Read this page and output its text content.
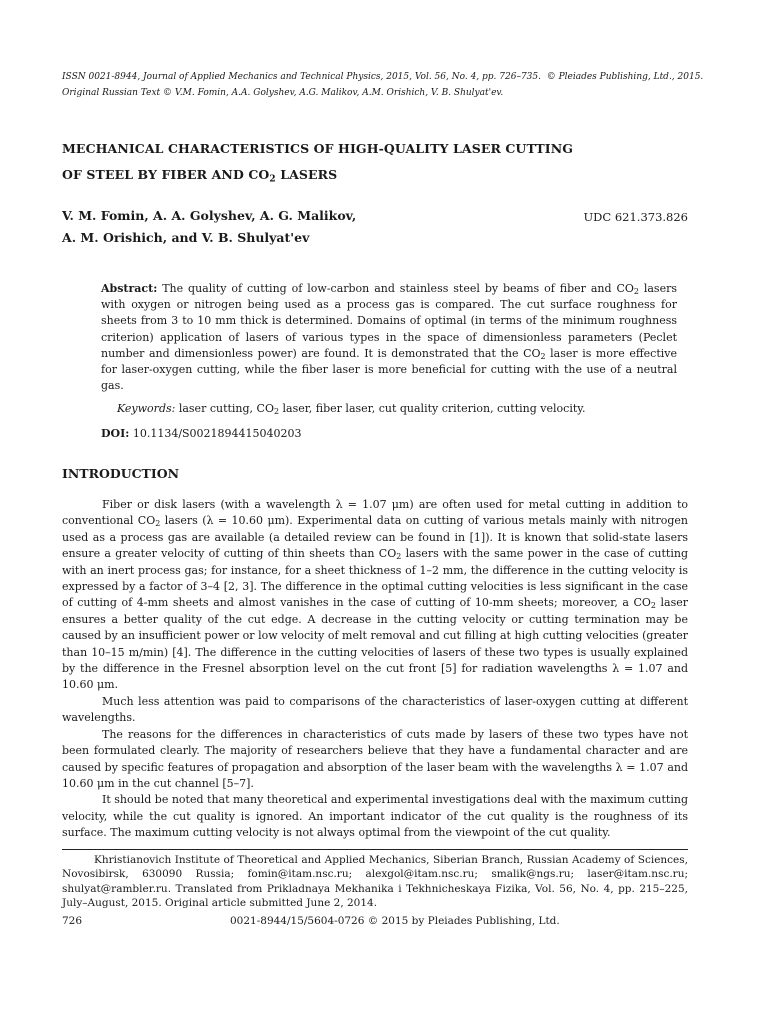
ISSN 0021-8944, Journal of Applied Mechanics and Technical Physics, 2015, Vol. 56, No. 4, pp. 726–735. © Pleiades Publishing, Ltd., 2015.
Original Russian Text © V.M. Fomin, A.A. Golyshev, A.G. Malikov, A.M. Orishich, V. B. Shulyat'ev.
MECHANICAL CHARACTERISTICS OF HIGH-QUALITY LASER CUTTING
OF STEEL BY FIBER AND $CO_2$ LASERS
V. M. Fomin, A. A. Golyshev, A. G. Malikov,
A. M. Orishich, and V. B. Shulyat'ev
UDC 621.373.826
Abstract: The quality of cutting of low-carbon and stainless steel by beams of fiber and $CO_2$ lasers with oxygen or nitrogen being used as a process gas is compared. The cut surface roughness for sheets from 3 to 10 mm thick is determined. Domains of optimal (in terms of the minimum roughness criterion) application of lasers of various types in the space of dimensionless parameters (Peclet number and dimensionless power) are found. It is demonstrated that the $CO_2$ laser is more effective for laser-oxygen cutting, while the fiber laser is more beneficial for cutting with the use of a neutral gas.
Keywords: laser cutting, $CO_2$ laser, fiber laser, cut quality criterion, cutting velocity.
DOI: 10.1134/S0021894415040203
INTRODUCTION

Fiber or disk lasers (with a wavelength λ = 1.07 μm) are often used for metal cutting in addition to conventional $CO_2$ lasers (λ = 10.60 μm). Experimental data on cutting of various metals mainly with nitrogen used as a process gas are available (a detailed review can be found in [1]). It is known that solid-state lasers ensure a greater velocity of cutting of thin sheets than $CO_2$ lasers with the same power in the case of cutting with an inert process gas; for instance, for a sheet thickness of 1–2 mm, the difference in the cutting velocity is expressed by a factor of 3–4 [2, 3]. The difference in the optimal cutting velocities is less significant in the case of cutting of 4-mm sheets and almost vanishes in the case of cutting of 10-mm sheets; moreover, a $CO_2$ laser ensures a better quality of the cut edge. A decrease in the cutting velocity or cutting termination may be caused by an insufficient power or low velocity of melt removal and cut filling at high cutting velocities (greater than 10–15 m/min) [4]. The difference in the cutting velocities of lasers of these two types is usually explained by the difference in the Fresnel absorption level on the cut front [5] for radiation wavelengths λ = 1.07 and 10.60 μm.

Much less attention was paid to comparisons of the characteristics of laser-oxygen cutting at different wavelengths.

The reasons for the differences in characteristics of cuts made by lasers of these two types have not been formulated clearly. The majority of researchers believe that they have a fundamental character and are caused by specific features of propagation and absorption of the laser beam with the wavelengths λ = 1.07 and 10.60 μm in the cut channel [5–7].

It should be noted that many theoretical and experimental investigations deal with the maximum cutting velocity, while the cut quality is ignored. An important indicator of the cut quality is the roughness of its surface. The maximum cutting velocity is not always optimal from the viewpoint of the cut quality.

Khristianovich Institute of Theoretical and Applied Mechanics, Siberian Branch, Russian Academy of Sciences, Novosibirsk, 630090 Russia; fomin@itam.nsc.ru; alexgol@itam.nsc.ru; smalik@ngs.ru; laser@itam.nsc.ru; shulyat@rambler.ru. Translated from Prikladnaya Mekhanika i Tekhnicheskaya Fizika, Vol. 56, No. 4, pp. 215–225, July–August, 2015. Original article submitted June 2, 2014.
726	0021-8944/15/5604-0726 © 2015 by Pleiades Publishing, Ltd.
